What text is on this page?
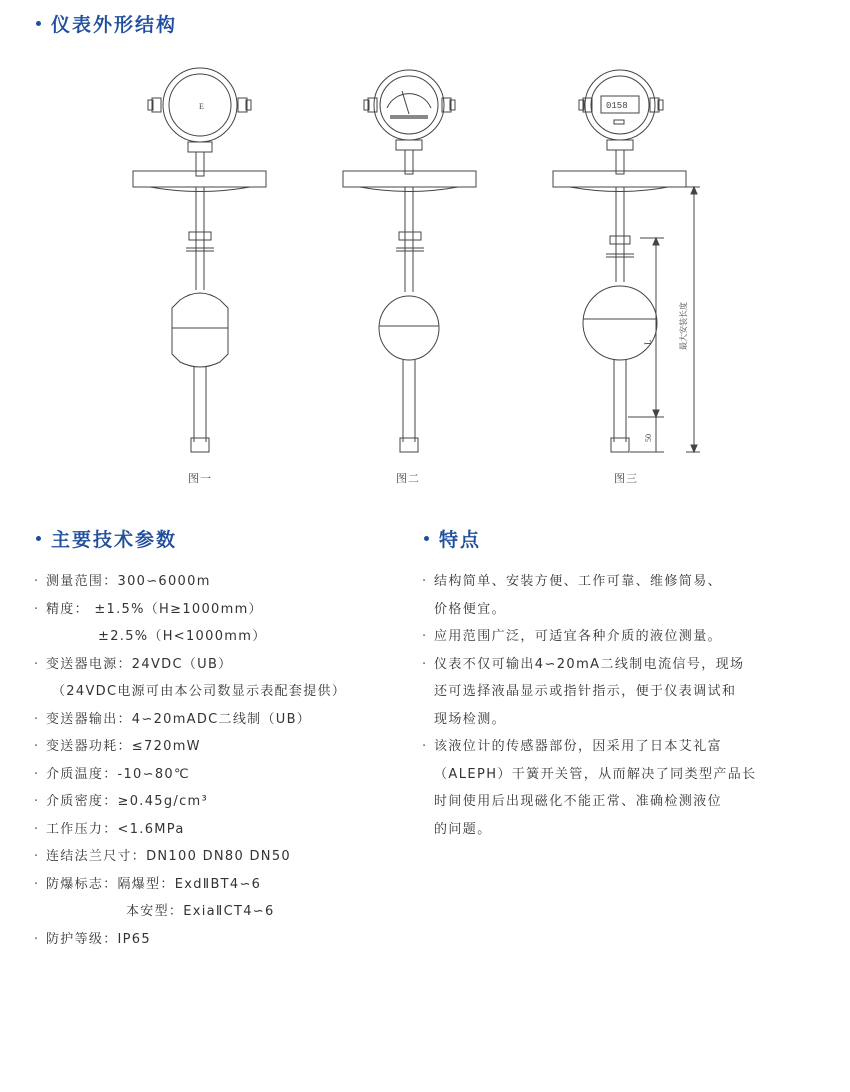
仪表外形结构
E	0158
最大安装长度
L
50
图一	图二	图三
主要技术参数	特点
· 测量范围：300∽6000m
· 精度： ±1.5%（H≥1000mm）
±2.5%（H<1000mm）
· 变送器电源：24VDC（UB）
（24VDC电源可由本公司数显示表配套提供）
· 变送器输出：4∽20mADC二线制（UB）
· 变送器功耗：≤720mW
· 介质温度：-10∽80℃
· 介质密度：≥0.45g/cm³
· 工作压力：<1.6MPa
· 连结法兰尺寸：DN100 DN80 DN50
· 防爆标志：隔爆型：ExdⅡBT4∽6
本安型：ExiaⅡCT4∽6
· 防护等级：IP65
· 结构简单、安装方便、工作可靠、维修简易、
价格便宜。
· 应用范围广泛，可适宜各种介质的液位测量。
· 仪表不仅可输出4∽20mA二线制电流信号，现场
还可选择液晶显示或指针指示，便于仪表调试和
现场检测。
· 该液位计的传感器部份，因采用了日本艾礼富
（ALEPH）干簧开关管，从而解决了同类型产品长
时间使用后出现磁化不能正常、准确检测液位
的问题。
